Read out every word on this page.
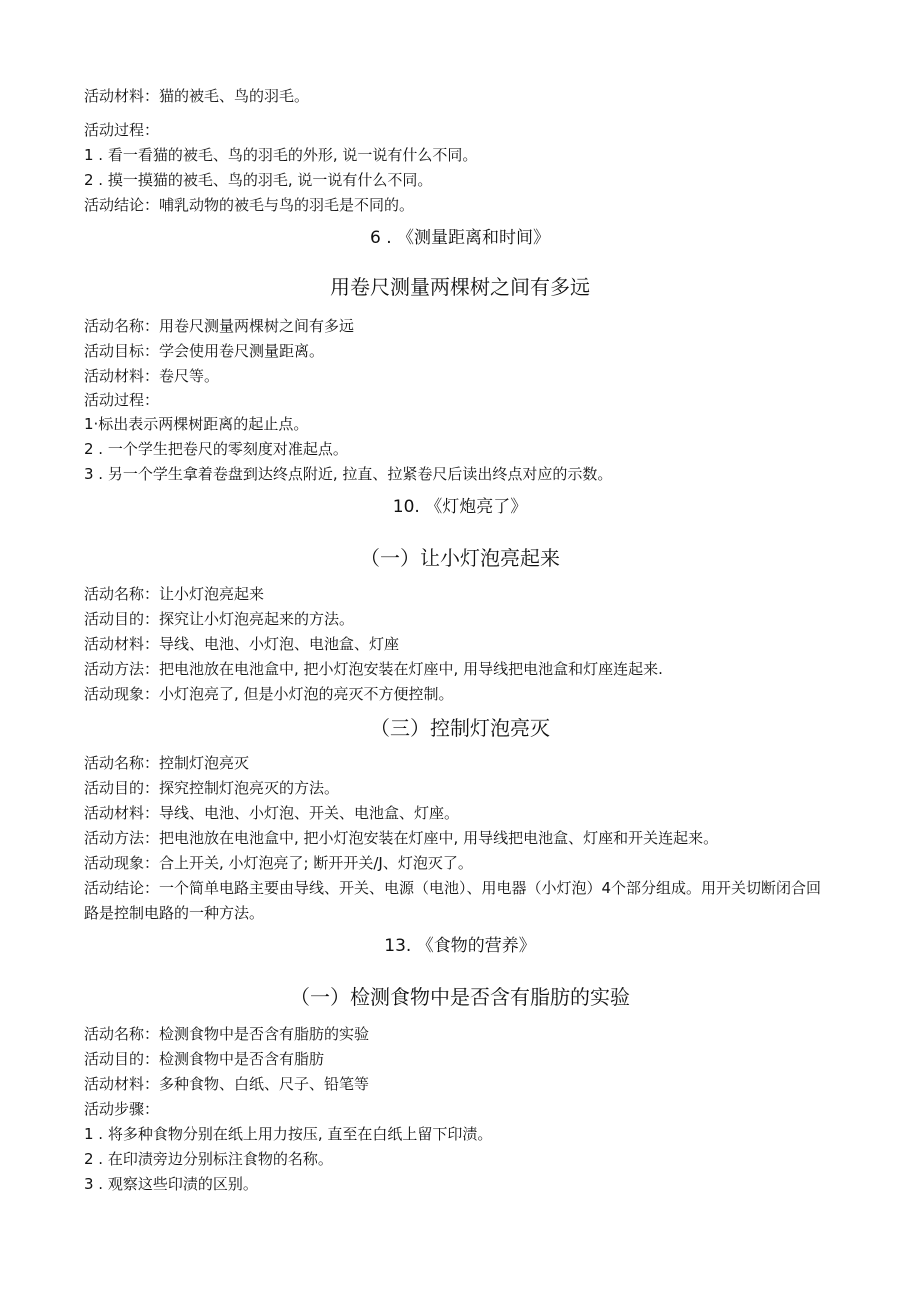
活动材料：猫的被毛、鸟的羽毛。
活动过程：
1 . 看一看猫的被毛、鸟的羽毛的外形, 说一说有什么不同。
2 . 摸一摸猫的被毛、鸟的羽毛, 说一说有什么不同。
活动结论：哺乳动物的被毛与鸟的羽毛是不同的。
6 . 《测量距离和时间》
用卷尺测量两棵树之间有多远
活动名称：用卷尺测量两棵树之间有多远
活动目标：学会使用卷尺测量距离。
活动材料：卷尺等。
活动过程：
1·标出表示两棵树距离的起止点。
2 . 一个学生把卷尺的零刻度对准起点。
3 . 另一个学生拿着卷盘到达终点附近, 拉直、拉紧卷尺后读出终点对应的示数。
10. 《灯炮亮了》
（一）让小灯泡亮起来
活动名称：让小灯泡亮起来
活动目的：探究让小灯泡亮起来的方法。
活动材料：导线、电池、小灯泡、电池盒、灯座
活动方法：把电池放在电池盒中, 把小灯泡安装在灯座中, 用导线把电池盒和灯座连起来.
活动现象：小灯泡亮了, 但是小灯泡的亮灭不方便控制。
（三）控制灯泡亮灭
活动名称：控制灯泡亮灭
活动目的：探究控制灯泡亮灭的方法。
活动材料：导线、电池、小灯泡、开关、电池盒、灯座。
活动方法：把电池放在电池盒中, 把小灯泡安装在灯座中, 用导线把电池盒、灯座和开关连起来。
活动现象：合上开关, 小灯泡亮了; 断开开关/J、灯泡灭了。
活动结论：一个简单电路主要由导线、开关、电源（电池）、用电器（小灯泡）4个部分组成。用开关切断闭合回路是控制电路的一种方法。
13. 《食物的营养》
（一）检测食物中是否含有脂肪的实验
活动名称：检测食物中是否含有脂肪的实验
活动目的：检测食物中是否含有脂肪
活动材料：多种食物、白纸、尺子、铅笔等
活动步骤：
1 . 将多种食物分别在纸上用力按压, 直至在白纸上留下印渍。
2 . 在印渍旁边分别标注食物的名称。
3 . 观察这些印渍的区别。
